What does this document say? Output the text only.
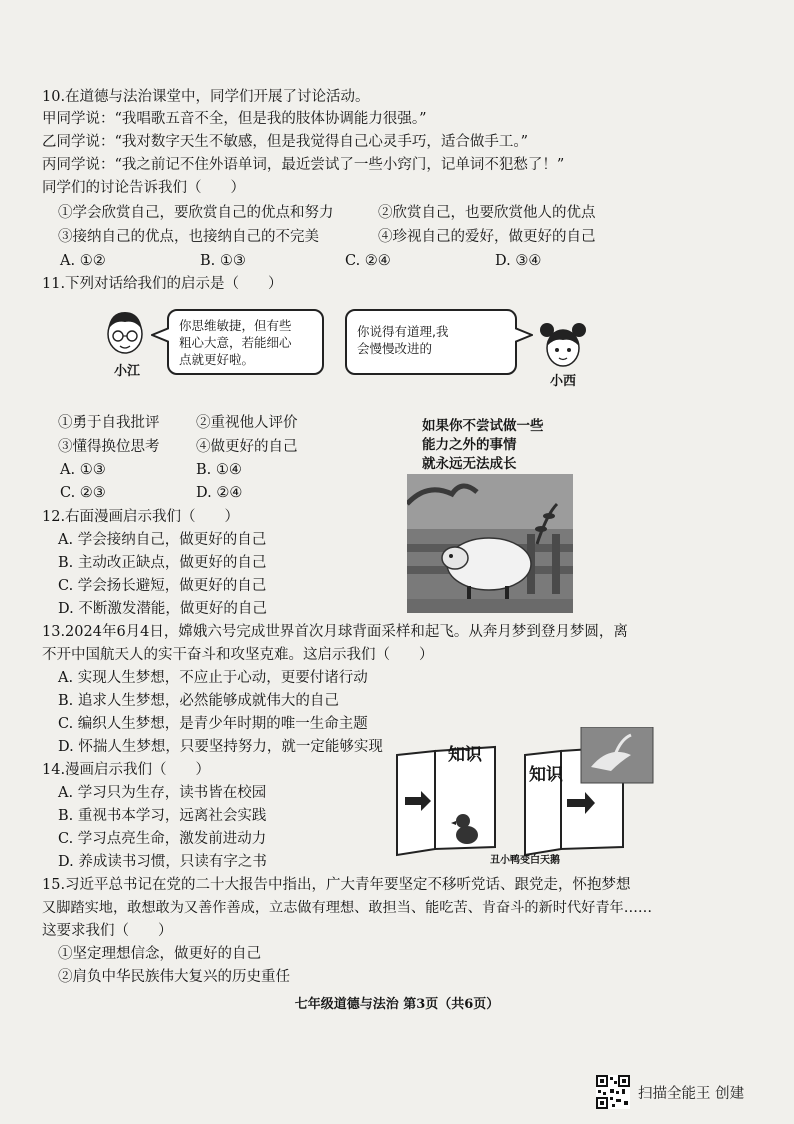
10.在道德与法治课堂中，同学们开展了讨论活动。
甲同学说：“我唱歌五音不全，但是我的肢体协调能力很强。”
乙同学说：“我对数字天生不敏感，但是我觉得自己心灵手巧，适合做手工。”
丙同学说：“我之前记不住外语单词，最近尝试了一些小窍门，记单词不犯愁了！”
同学们的讨论告诉我们（　　）
①学会欣赏自己，要欣赏自己的优点和努力	②欣赏自己，也要欣赏他人的优点
③接纳自己的优点，也接纳自己的不完美	④珍视自己的爱好，做更好的自己
A. ①②	B. ①③	C. ②④	D. ③④
11.下列对话给我们的启示是（　　）
小江
你思维敏捷，但有些
粗心大意，若能细心
点就更好啦。
你说得有道理,我
会慢慢改进的
小西
①勇于自我批评	②重视他人评价
③懂得换位思考	④做更好的自己
A. ①③	B. ①④
C. ②③	D. ②④
如果你不尝试做一些
能力之外的事情
就永远无法成长
12.右面漫画启示我们（　　）
A. 学会接纳自己，做更好的自己
B. 主动改正缺点，做更好的自己
C. 学会扬长避短，做更好的自己
D. 不断激发潜能，做更好的自己
13.2024年6月4日，嫦娥六号完成世界首次月球背面采样和起飞。从奔月梦到登月梦圆，离
不开中国航天人的实干奋斗和攻坚克难。这启示我们（　　）
A. 实现人生梦想，不应止于心动，更要付诸行动
B. 追求人生梦想，必然能够成就伟大的自己
C. 编织人生梦想，是青少年时期的唯一生命主题
D. 怀揣人生梦想，只要坚持努力，就一定能够实现
14.漫画启示我们（　　）
A. 学习只为生存，读书皆在校园
B. 重视书本学习，远离社会实践
C. 学习点亮生命，激发前进动力
D. 养成读书习惯，只读有字之书
知识
知识
丑小鸭变白天鹅
15.习近平总书记在党的二十大报告中指出，广大青年要坚定不移听党话、跟党走，怀抱梦想
又脚踏实地，敢想敢为又善作善成，立志做有理想、敢担当、能吃苦、肯奋斗的新时代好青年……
这要求我们（　　）
①坚定理想信念，做更好的自己
②肩负中华民族伟大复兴的历史重任
七年级道德与法治 第3页（共6页）
扫描全能王 创建
